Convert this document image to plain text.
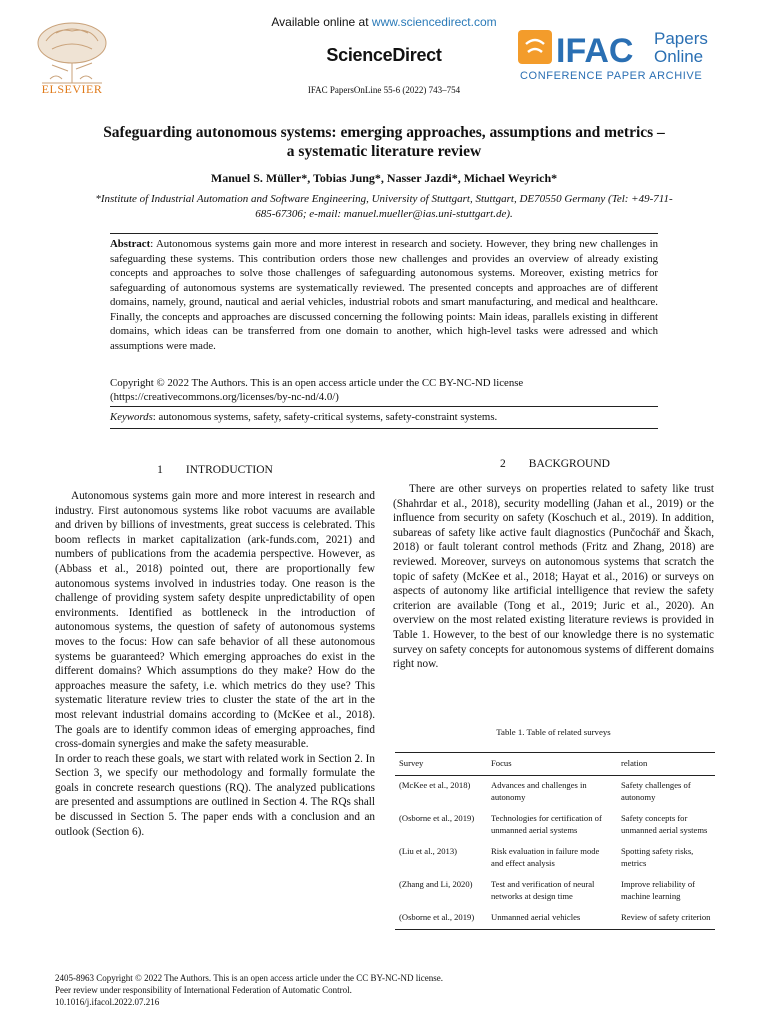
Available online at www.sciencedirect.com
ScienceDirect
IFAC PapersOnLine 55-6 (2022) 743–754
ELSEVIER
IFAC Papers
Online
CONFERENCE PAPER ARCHIVE
Safeguarding autonomous systems: emerging approaches, assumptions and metrics – a systematic literature review
Manuel S. Müller*, Tobias Jung*, Nasser Jazdi*, Michael Weyrich*
*Institute of Industrial Automation and Software Engineering, University of Stuttgart, Stuttgart, DE70550 Germany (Tel: +49-711-685-67306; e-mail: manuel.mueller@ias.uni-stuttgart.de).
Abstract: Autonomous systems gain more and more interest in research and society. However, they bring new challenges in safeguarding these systems. This contribution orders those new challenges and provides an overview of already existing concepts and approaches to solve those challenges of safeguarding autonomous systems. Moreover, existing metrics for safeguarding of autonomous systems are systematically reviewed. The presented concepts and approaches are of different domains, namely, ground, nautical and aerial vehicles, industrial robots and smart manufacturing, and medical and healthcare. Finally, the concepts and approaches are discussed concerning the following points: Main ideas, parallels existing in different domains, which ideas can be transferred from one domain to another, which high-level tasks were adressed and which assumptions were made.
Copyright © 2022 The Authors. This is an open access article under the CC BY-NC-ND license (https://creativecommons.org/licenses/by-nc-nd/4.0/)
Keywords: autonomous systems, safety, safety-critical systems, safety-constraint systems.
1        INTRODUCTION

Autonomous systems gain more and more interest in research and industry. First autonomous systems like robot vacuums are available and driven by billions of investments, great success is celebrated. This boom reflects in market capitalization (ark-funds.com, 2021) and numbers of publications from the academia perspective. However, as (Abbass et al., 2018) pointed out, there are proportionally few autonomous systems involved in industries today. One reason is the challenge of providing system safety despite unpredictability of open environments. Identified as bottleneck in the introduction of autonomous systems, the question of safety of autonomous systems moves to the focus: How can safe behavior of all these autonomous systems be guaranteed? Which emerging approaches do exist in the different domains? Which assumptions do they make? How do the approaches measure the safety, i.e. which metrics do they use? This systematic literature review tries to cluster the state of the art in the most relevant industrial domains according to (McKee et al., 2018). The goals are to identify common ideas of emerging approaches, find cross-domain synergies and make the safety measurable.

In order to reach these goals, we start with related work in Section 2. In Section 3, we specify our methodology and formally formulate the goals in concrete research questions (RQ). The analyzed publications are presented and assumptions are outlined in Section 4. The RQs shall be discussed in Section 5. The paper ends with a conclusion and an outlook (Section 6).

2        BACKGROUND

There are other surveys on properties related to safety like trust (Shahrdar et al., 2018), security modelling (Jahan et al., 2019) or the influence from security on safety (Koschuch et al., 2019). In addition, subareas of safety like active fault diagnostics (Punčochář and Škach, 2018) or fault tolerant control methods (Fritz and Zhang, 2018) are reviewed. Moreover, surveys on autonomous systems that scratch the topic of safety (McKee et al., 2018; Hayat et al., 2016) or surveys on aspects of autonomy like artificial intelligence that review the safety criterion are available (Tong et al., 2019; Juric et al., 2020). An overview on the most related existing literature reviews is provided in Table 1. However, to the best of our knowledge there is no systematic survey on safety concepts for autonomous systems of different domains right now.

Table 1. Table of related surveys
Survey	Focus	relation
(McKee et al., 2018)	Advances and challenges in autonomy	Safety challenges of autonomy
(Osborne et al., 2019)	Technologies for certification of unmanned aerial systems	Safety concepts for unmanned aerial systems
(Liu et al., 2013)	Risk evaluation in failure mode and effect analysis	Spotting safety risks, metrics
(Zhang and Li, 2020)	Test and verification of neural networks at design time	Improve reliability of machine learning
(Osborne et al., 2019)	Unmanned aerial vehicles	Review of safety criterion
2405-8963 Copyright © 2022 The Authors. This is an open access article under the CC BY-NC-ND license.
Peer review under responsibility of International Federation of Automatic Control.
10.1016/j.ifacol.2022.07.216
